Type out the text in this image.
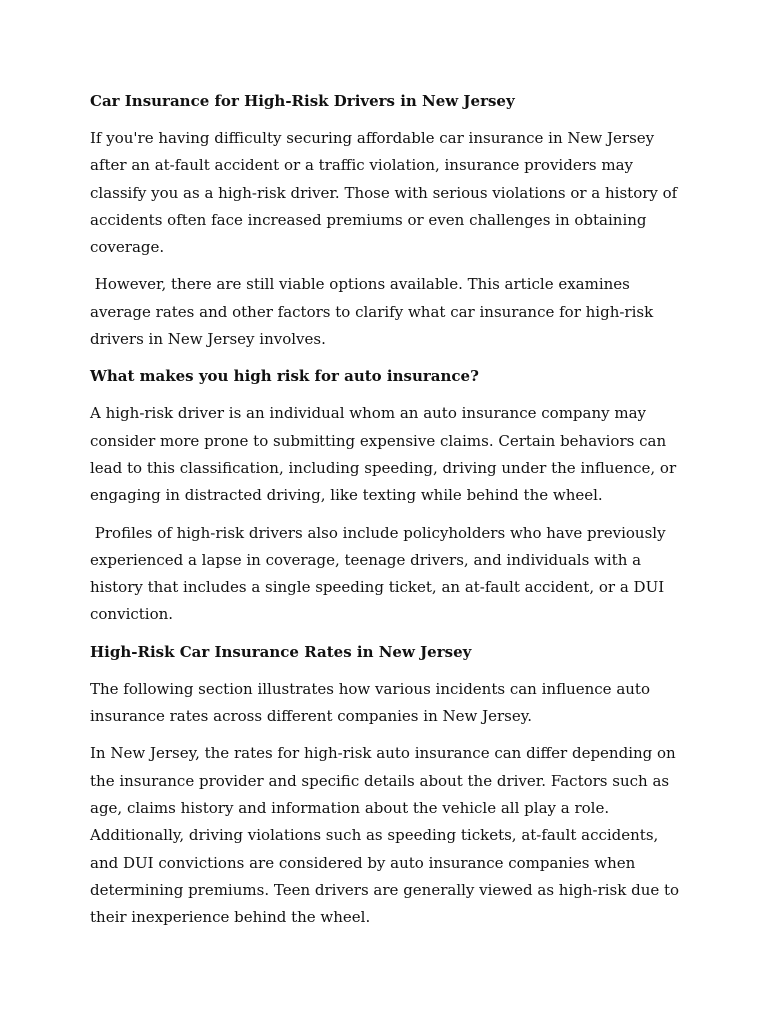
Car Insurance for High-Risk Drivers in New Jersey

If you're having difficulty securing affordable car insurance in New Jersey after an at-fault accident or a traffic violation, insurance providers may classify you as a high-risk driver. Those with serious violations or a history of accidents often face increased premiums or even challenges in obtaining coverage.

However, there are still viable options available. This article examines average rates and other factors to clarify what car insurance for high-risk drivers in New Jersey involves.

What makes you high risk for auto insurance?

A high-risk driver is an individual whom an auto insurance company may consider more prone to submitting expensive claims. Certain behaviors can lead to this classification, including speeding, driving under the influence, or engaging in distracted driving, like texting while behind the wheel.

Profiles of high-risk drivers also include policyholders who have previously experienced a lapse in coverage, teenage drivers, and individuals with a history that includes a single speeding ticket, an at-fault accident, or a DUI conviction.

High-Risk Car Insurance Rates in New Jersey

The following section illustrates how various incidents can influence auto insurance rates across different companies in New Jersey.

In New Jersey, the rates for high-risk auto insurance can differ depending on the insurance provider and specific details about the driver. Factors such as age, claims history and information about the vehicle all play a role. Additionally, driving violations such as speeding tickets, at-fault accidents, and DUI convictions are considered by auto insurance companies when determining premiums. Teen drivers are generally viewed as high-risk due to their inexperience behind the wheel.
